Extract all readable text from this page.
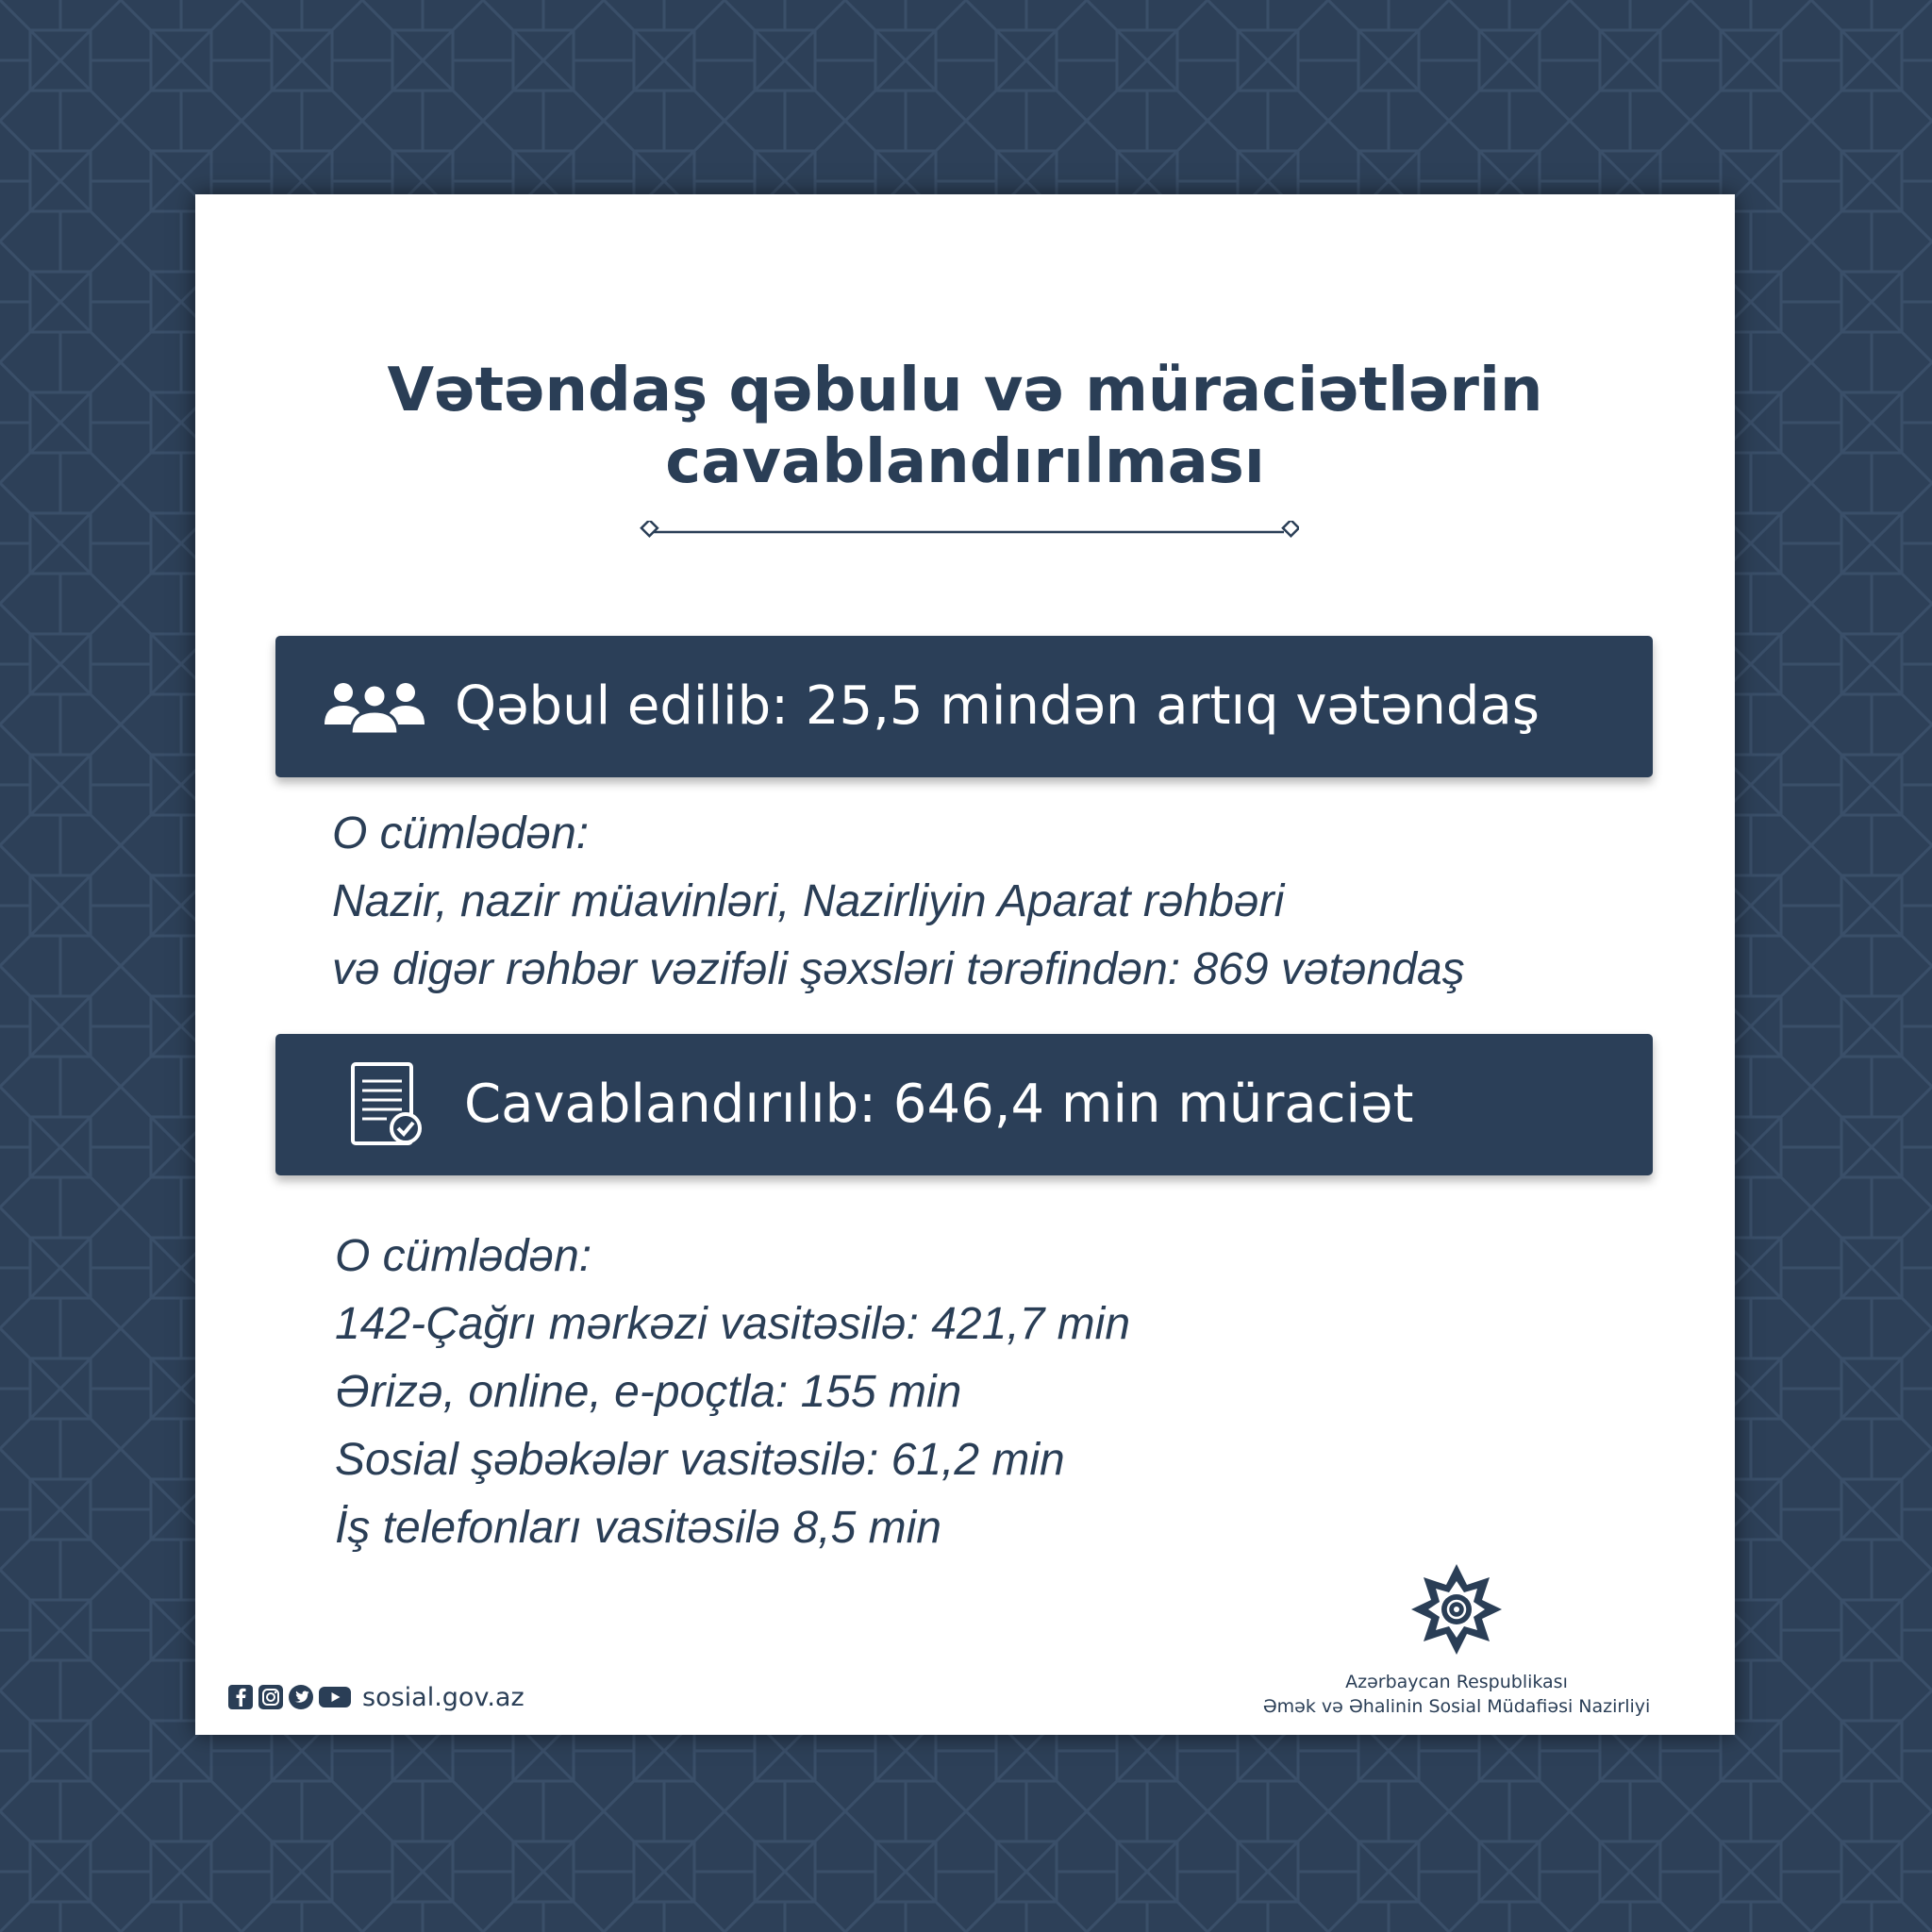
Vətəndaş qəbulu və müraciətlərin
cavablandırılması
Qəbul edilib: 25,5 mindən artıq vətəndaş
O cümlədən:
Nazir, nazir müavinləri, Nazirliyin Aparat rəhbəri
və digər rəhbər vəzifəli şəxsləri tərəfindən: 869 vətəndaş
Cavablandırılıb: 646,4 min müraciət
O cümlədən:
142-Çağrı mərkəzi vasitəsilə: 421,7 min
Ərizə, online, e-poçtla: 155 min
Sosial şəbəkələr vasitəsilə: 61,2 min
İş telefonları vasitəsilə 8,5 min
sosial.gov.az
Azərbaycan Respublikası
Əmək və Əhalinin Sosial Müdafiəsi Nazirliyi
